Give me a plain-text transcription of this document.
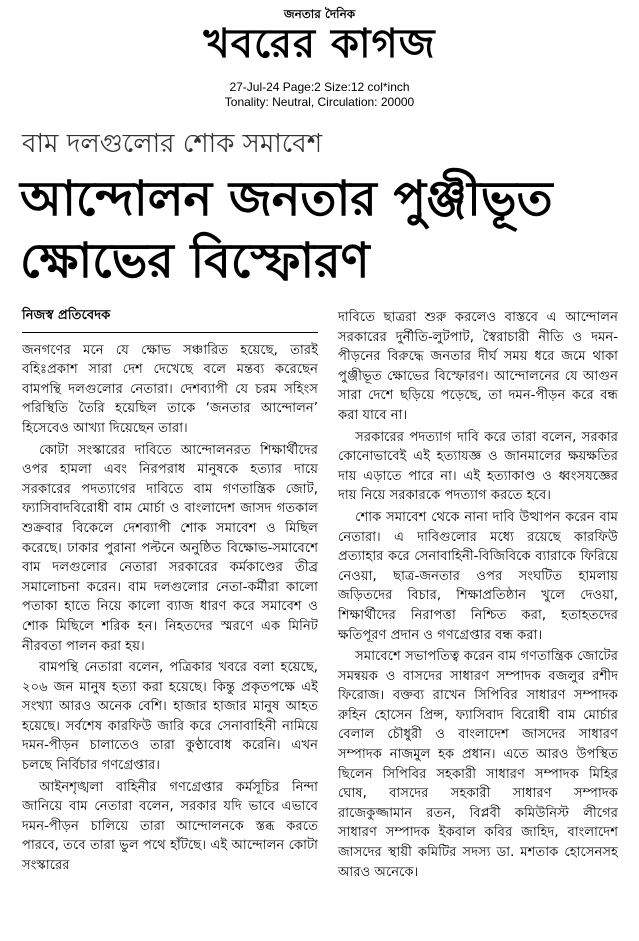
জনতার দৈনিক
খবরের কাগজ
27-Jul-24 Page:2 Size:12 col*inch
Tonality: Neutral, Circulation: 20000
বাম দলগুলোর শোক সমাবেশ
আন্দোলন জনতার পুঞ্জীভূত ক্ষোভের বিস্ফোরণ
নিজস্ব প্রতিবেদক

জনগণের মনে যে ক্ষোভ সঞ্চারিত হয়েছে, তারই বহিঃপ্রকাশ সারা দেশ দেখেছে বলে মন্তব্য করেছেন বামপন্থি দলগুলোর নেতারা। দেশব্যাপী যে চরম সহিংস পরিস্থিতি তৈরি হয়েছিল তাকে ‘জনতার আন্দোলন’ হিসেবেও আখ্যা দিয়েছেন তারা।

কোটা সংস্কারের দাবিতে আন্দোলনরত শিক্ষার্থীদের ওপর হামলা এবং নিরপরাধ মানুষকে হত্যার দায়ে সরকারের পদত্যাগের দাবিতে বাম গণতান্ত্রিক জোট, ফ্যাসিবাদবিরোধী বাম মোর্চা ও বাংলাদেশ জাসদ গতকাল শুক্রবার বিকেলে দেশব্যাপী শোক সমাবেশ ও মিছিল করেছে। ঢাকার পুরানা পল্টনে অনুষ্ঠিত বিক্ষোভ-সমাবেশে বাম দলগুলোর নেতারা সরকারের কর্মকাণ্ডের তীব্র সমালোচনা করেন। বাম দলগুলোর নেতা-কর্মীরা কালো পতাকা হাতে নিয়ে কালো ব্যাজ ধারণ করে সমাবেশ ও শোক মিছিলে শরিক হন। নিহতদের স্মরণে এক মিনিট নীরবতা পালন করা হয়।

বামপন্থি নেতারা বলেন, পত্রিকার খবরে বলা হয়েছে, ২০৬ জন মানুষ হত্যা করা হয়েছে। কিন্তু প্রকৃতপক্ষে এই সংখ্যা আরও অনেক বেশি। হাজার হাজার মানুষ আহত হয়েছে। সর্বশেষ কারফিউ জারি করে সেনাবাহিনী নামিয়ে দমন-পীড়ন চালাতেও তারা কুণ্ঠাবোধ করেনি। এখন চলছে নির্বিচার গণগ্রেপ্তার।

আইনশৃঙ্খলা বাহিনীর গণগ্রেপ্তার কর্মসূচির নিন্দা জানিয়ে বাম নেতারা বলেন, সরকার যদি ভাবে এভাবে দমন-পীড়ন চালিয়ে তারা আন্দোলনকে স্তব্ধ করতে পারবে, তবে তারা ভুল পথে হাঁটছে। এই আন্দোলন কোটা সংস্কারের

দাবিতে ছাত্ররা শুরু করলেও বাস্তবে এ আন্দোলন সরকারের দুর্নীতি-লুটপাট, স্বৈরাচারী নীতি ও দমন-পীড়নের বিরুদ্ধে জনতার দীর্ঘ সময় ধরে জমে থাকা পুঞ্জীভূত ক্ষোভের বিস্ফোরণ। আন্দোলনের যে আগুন সারা দেশে ছড়িয়ে পড়েছে, তা দমন-পীড়ন করে বন্ধ করা যাবে না।

সরকারের পদত্যাগ দাবি করে তারা বলেন, সরকার কোনোভাবেই এই হত্যাযজ্ঞ ও জানমালের ক্ষয়ক্ষতির দায় এড়াতে পারে না। এই হত্যাকাণ্ড ও ধ্বংসযজ্ঞের দায় নিয়ে সরকারকে পদত্যাগ করতে হবে।

শোক সমাবেশ থেকে নানা দাবি উত্থাপন করেন বাম নেতারা। এ দাবিগুলোর মধ্যে রয়েছে কারফিউ প্রত্যাহার করে সেনাবাহিনী-বিজিবিকে ব্যারাকে ফিরিয়ে নেওয়া, ছাত্র-জনতার ওপর সংঘটিত হামলায় জড়িতদের বিচার, শিক্ষাপ্রতিষ্ঠান খুলে দেওয়া, শিক্ষার্থীদের নিরাপত্তা নিশ্চিত করা, হতাহতদের ক্ষতিপূরণ প্রদান ও গণগ্রেপ্তার বন্ধ করা।

সমাবেশে সভাপতিত্ব করেন বাম গণতান্ত্রিক জোটের সমন্বয়ক ও বাসদের সাধারণ সম্পাদক বজলুর রশীদ ফিরোজ। বক্তব্য রাখেন সিপিবির সাধারণ সম্পাদক রুহিন হোসেন প্রিন্স, ফ্যাসিবাদ বিরোধী বাম মোর্চার বেলাল চৌধুরী ও বাংলাদেশ জাসদের সাধারণ সম্পাদক নাজমুল হক প্রধান। এতে আরও উপস্থিত ছিলেন সিপিবির সহকারী সাধারণ সম্পাদক মিহির ঘোষ, বাসদের সহকারী সাধারণ সম্পাদক রাজেকুজ্জামান রতন, বিপ্লবী কমিউনিস্ট লীগের সাধারণ সম্পাদক ইকবাল কবির জাহিদ, বাংলাদেশ জাসদের স্থায়ী কমিটির সদস্য ডা. মশতাক হোসেনসহ আরও অনেকে।
